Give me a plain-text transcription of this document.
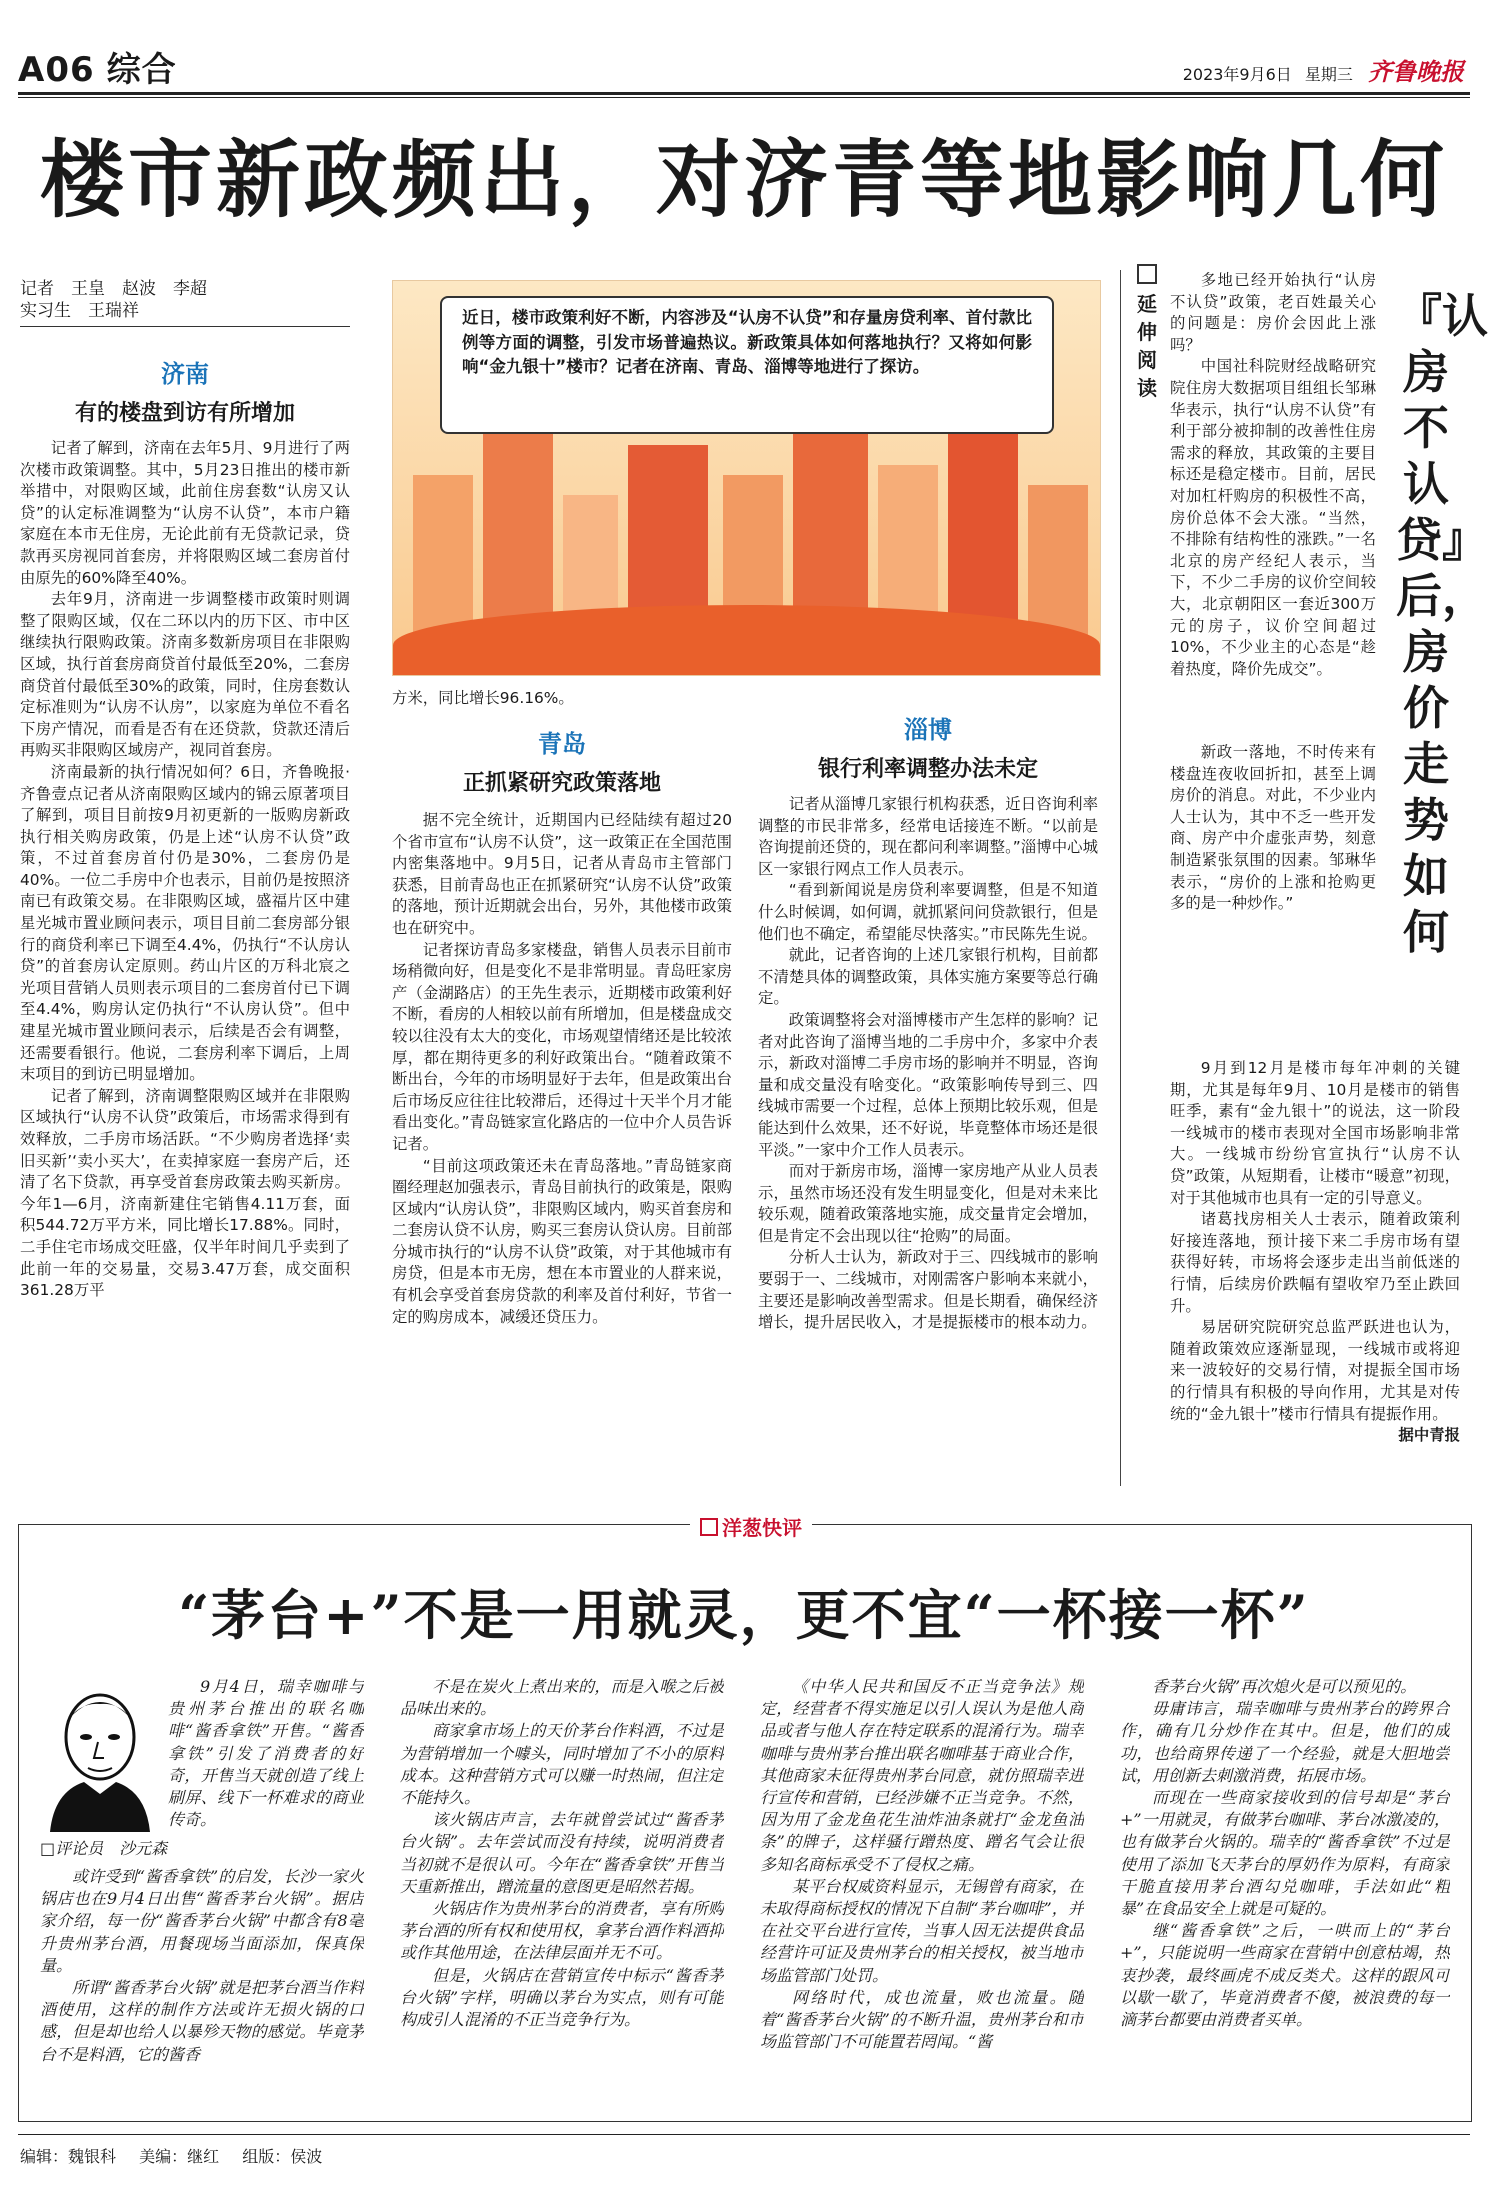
A06 综合	2023年9月6日 星期三 齐鲁晚报
楼市新政频出，对济青等地影响几何
记者　王皇　赵波　李超
实习生　王瑞祥
济南
有的楼盘到访有所增加

记者了解到，济南在去年5月、9月进行了两次楼市政策调整。其中，5月23日推出的楼市新举措中，对限购区域，此前住房套数“认房又认贷”的认定标准调整为“认房不认贷”，本市户籍家庭在本市无住房，无论此前有无贷款记录，贷款再买房视同首套房，并将限购区域二套房首付由原先的60%降至40%。

去年9月，济南进一步调整楼市政策时则调整了限购区域，仅在二环以内的历下区、市中区继续执行限购政策。济南多数新房项目在非限购区域，执行首套房商贷首付最低至20%，二套房商贷首付最低至30%的政策，同时，住房套数认定标准则为“认房不认房”，以家庭为单位不看名下房产情况，而看是否有在还贷款，贷款还清后再购买非限购区域房产，视同首套房。

济南最新的执行情况如何？6日，齐鲁晚报·齐鲁壹点记者从济南限购区域内的锦云原著项目了解到，项目目前按9月初更新的一版购房新政执行相关购房政策，仍是上述“认房不认贷”政策，不过首套房首付仍是30%，二套房仍是40%。一位二手房中介也表示，目前仍是按照济南已有政策交易。在非限购区域，盛福片区中建星光城市置业顾问表示，项目目前二套房部分银行的商贷利率已下调至4.4%，仍执行“不认房认贷”的首套房认定原则。药山片区的万科北宸之光项目营销人员则表示项目的二套房首付已下调至4.4%，购房认定仍执行“不认房认贷”。但中建星光城市置业顾问表示，后续是否会有调整，还需要看银行。他说，二套房利率下调后，上周末项目的到访已明显增加。

记者了解到，济南调整限购区域并在非限购区域执行“认房不认贷”政策后，市场需求得到有效释放，二手房市场活跃。“不少购房者选择‘卖旧买新’‘卖小买大’，在卖掉家庭一套房产后，还清了名下贷款，再享受首套房政策去购买新房。今年1—6月，济南新建住宅销售4.11万套，面积544.72万平方米，同比增长17.88%。同时，二手住宅市场成交旺盛，仅半年时间几乎卖到了此前一年的交易量，交易3.47万套，成交面积361.28万平

近日，楼市政策利好不断，内容涉及“认房不认贷”和存量房贷利率、首付款比例等方面的调整，引发市场普遍热议。新政策具体如何落地执行？又将如何影响“金九银十”楼市？记者在济南、青岛、淄博等地进行了探访。

方米，同比增长96.16%。

青岛
正抓紧研究政策落地

据不完全统计，近期国内已经陆续有超过20个省市宣布“认房不认贷”，这一政策正在全国范围内密集落地中。9月5日，记者从青岛市主管部门获悉，目前青岛也正在抓紧研究“认房不认贷”政策的落地，预计近期就会出台，另外，其他楼市政策也在研究中。

记者探访青岛多家楼盘，销售人员表示目前市场稍微向好，但是变化不是非常明显。青岛旺家房产（金湖路店）的王先生表示，近期楼市政策利好不断，看房的人相较以前有所增加，但是楼盘成交较以往没有太大的变化，市场观望情绪还是比较浓厚，都在期待更多的利好政策出台。“随着政策不断出台，今年的市场明显好于去年，但是政策出台后市场反应往往比较滞后，还得过十天半个月才能看出变化。”青岛链家宣化路店的一位中介人员告诉记者。

“目前这项政策还未在青岛落地。”青岛链家商圈经理赵加强表示，青岛目前执行的政策是，限购区域内“认房认贷”，非限购区域内，购买首套房和二套房认贷不认房，购买三套房认贷认房。目前部分城市执行的“认房不认贷”政策，对于其他城市有房贷，但是本市无房，想在本市置业的人群来说，有机会享受首套房贷款的利率及首付利好，节省一定的购房成本，减缓还贷压力。

淄博
银行利率调整办法未定

记者从淄博几家银行机构获悉，近日咨询利率调整的市民非常多，经常电话接连不断。“以前是咨询提前还贷的，现在都问利率调整。”淄博中心城区一家银行网点工作人员表示。

“看到新闻说是房贷利率要调整，但是不知道什么时候调，如何调，就抓紧问问贷款银行，但是他们也不确定，希望能尽快落实。”市民陈先生说。

就此，记者咨询的上述几家银行机构，目前都不清楚具体的调整政策，具体实施方案要等总行确定。

政策调整将会对淄博楼市产生怎样的影响？记者对此咨询了淄博当地的二手房中介，多家中介表示，新政对淄博二手房市场的影响并不明显，咨询量和成交量没有啥变化。“政策影响传导到三、四线城市需要一个过程，总体上预期比较乐观，但是能达到什么效果，还不好说，毕竟整体市场还是很平淡。”一家中介工作人员表示。

而对于新房市场，淄博一家房地产从业人员表示，虽然市场还没有发生明显变化，但是对未来比较乐观，随着政策落地实施，成交量肯定会增加，但是肯定不会出现以往“抢购”的局面。

分析人士认为，新政对于三、四线城市的影响要弱于一、二线城市，对刚需客户影响本来就小，主要还是影响改善型需求。但是长期看，确保经济增长，提升居民收入，才是提振楼市的根本动力。

延伸阅读
『认房不认贷』后，房价走势如何

多地已经开始执行“认房不认贷”政策，老百姓最关心的问题是：房价会因此上涨吗？

中国社科院财经战略研究院住房大数据项目组组长邹琳华表示，执行“认房不认贷”有利于部分被抑制的改善性住房需求的释放，其政策的主要目标还是稳定楼市。目前，居民对加杠杆购房的积极性不高，房价总体不会大涨。“当然，不排除有结构性的涨跌。”一名北京的房产经纪人表示，当下，不少二手房的议价空间较大，北京朝阳区一套近300万元的房子，议价空间超过10%，不少业主的心态是“趁着热度，降价先成交”。

新政一落地，不时传来有楼盘连夜收回折扣，甚至上调房价的消息。对此，不少业内人士认为，其中不乏一些开发商、房产中介虚张声势，刻意制造紧张氛围的因素。邹琳华表示，“房价的上涨和抢购更多的是一种炒作。”

9月到12月是楼市每年冲刺的关键期，尤其是每年9月、10月是楼市的销售旺季，素有“金九银十”的说法，这一阶段一线城市的楼市表现对全国市场影响非常大。一线城市纷纷官宣执行“认房不认贷”政策，从短期看，让楼市“暖意”初现，对于其他城市也具有一定的引导意义。

诸葛找房相关人士表示，随着政策利好接连落地，预计接下来二手房市场有望获得好转，市场将会逐步走出当前低迷的行情，后续房价跌幅有望收窄乃至止跌回升。

易居研究院研究总监严跃进也认为，随着政策效应逐渐显现，一线城市或将迎来一波较好的交易行情，对提振全国市场的行情具有积极的导向作用，尤其是对传统的“金九银十”楼市行情具有提振作用。

据中青报

洋葱快评
“茅台+”不是一用就灵，更不宜“一杯接一杯”
□评论员　沙元森

9月4日，瑞幸咖啡与贵州茅台推出的联名咖啡“酱香拿铁”开售。“酱香拿铁”引发了消费者的好奇，开售当天就创造了线上刷屏、线下一杯难求的商业传奇。

或许受到“酱香拿铁”的启发，长沙一家火锅店也在9月4日出售“酱香茅台火锅”。据店家介绍，每一份“酱香茅台火锅”中都含有8毫升贵州茅台酒，用餐现场当面添加，保真保量。

所谓“酱香茅台火锅”就是把茅台酒当作料酒使用，这样的制作方法或许无损火锅的口感，但是却也给人以暴殄天物的感觉。毕竟茅台不是料酒，它的酱香

不是在炭火上煮出来的，而是入喉之后被品味出来的。

商家拿市场上的天价茅台作料酒，不过是为营销增加一个噱头，同时增加了不小的原料成本。这种营销方式可以赚一时热闹，但注定不能持久。

该火锅店声言，去年就曾尝试过“酱香茅台火锅”。去年尝试而没有持续，说明消费者当初就不是很认可。今年在“酱香拿铁”开售当天重新推出，蹭流量的意图更是昭然若揭。

火锅店作为贵州茅台的消费者，享有所购茅台酒的所有权和使用权，拿茅台酒作料酒抑或作其他用途，在法律层面并无不可。

但是，火锅店在营销宣传中标示“酱香茅台火锅”字样，明确以茅台为实点，则有可能构成引人混淆的不正当竞争行为。

《中华人民共和国反不正当竞争法》规定，经营者不得实施足以引人误认为是他人商品或者与他人存在特定联系的混淆行为。瑞幸咖啡与贵州茅台推出联名咖啡基于商业合作，其他商家未征得贵州茅台同意，就仿照瑞幸进行宣传和营销，已经涉嫌不正当竞争。不然，因为用了金龙鱼花生油炸油条就打“金龙鱼油条”的牌子，这样骚行蹭热度、蹭名气会让很多知名商标承受不了侵权之痛。

某平台权威资料显示，无锡曾有商家，在未取得商标授权的情况下自制“茅台咖啡”，并在社交平台进行宣传，当事人因无法提供食品经营许可证及贵州茅台的相关授权，被当地市场监管部门处罚。

网络时代，成也流量，败也流量。随着“酱香茅台火锅”的不断升温，贵州茅台和市场监管部门不可能置若罔闻。“酱

香茅台火锅”再次熄火是可以预见的。

毋庸讳言，瑞幸咖啡与贵州茅台的跨界合作，确有几分炒作在其中。但是，他们的成功，也给商界传递了一个经验，就是大胆地尝试，用创新去刺激消费，拓展市场。

而现在一些商家接收到的信号却是“茅台+”一用就灵，有做茅台咖啡、茅台冰激凌的，也有做茅台火锅的。瑞幸的“酱香拿铁”不过是使用了添加飞天茅台的厚奶作为原料，有商家干脆直接用茅台酒勾兑咖啡，手法如此“粗暴”在食品安全上就是可疑的。

继“酱香拿铁”之后，一哄而上的“茅台+”，只能说明一些商家在营销中创意枯竭，热衷抄袭，最终画虎不成反类犬。这样的跟风可以歇一歇了，毕竟消费者不傻，被浪费的每一滴茅台都要由消费者买单。

编辑：魏银科 美编：继红 组版：侯波
